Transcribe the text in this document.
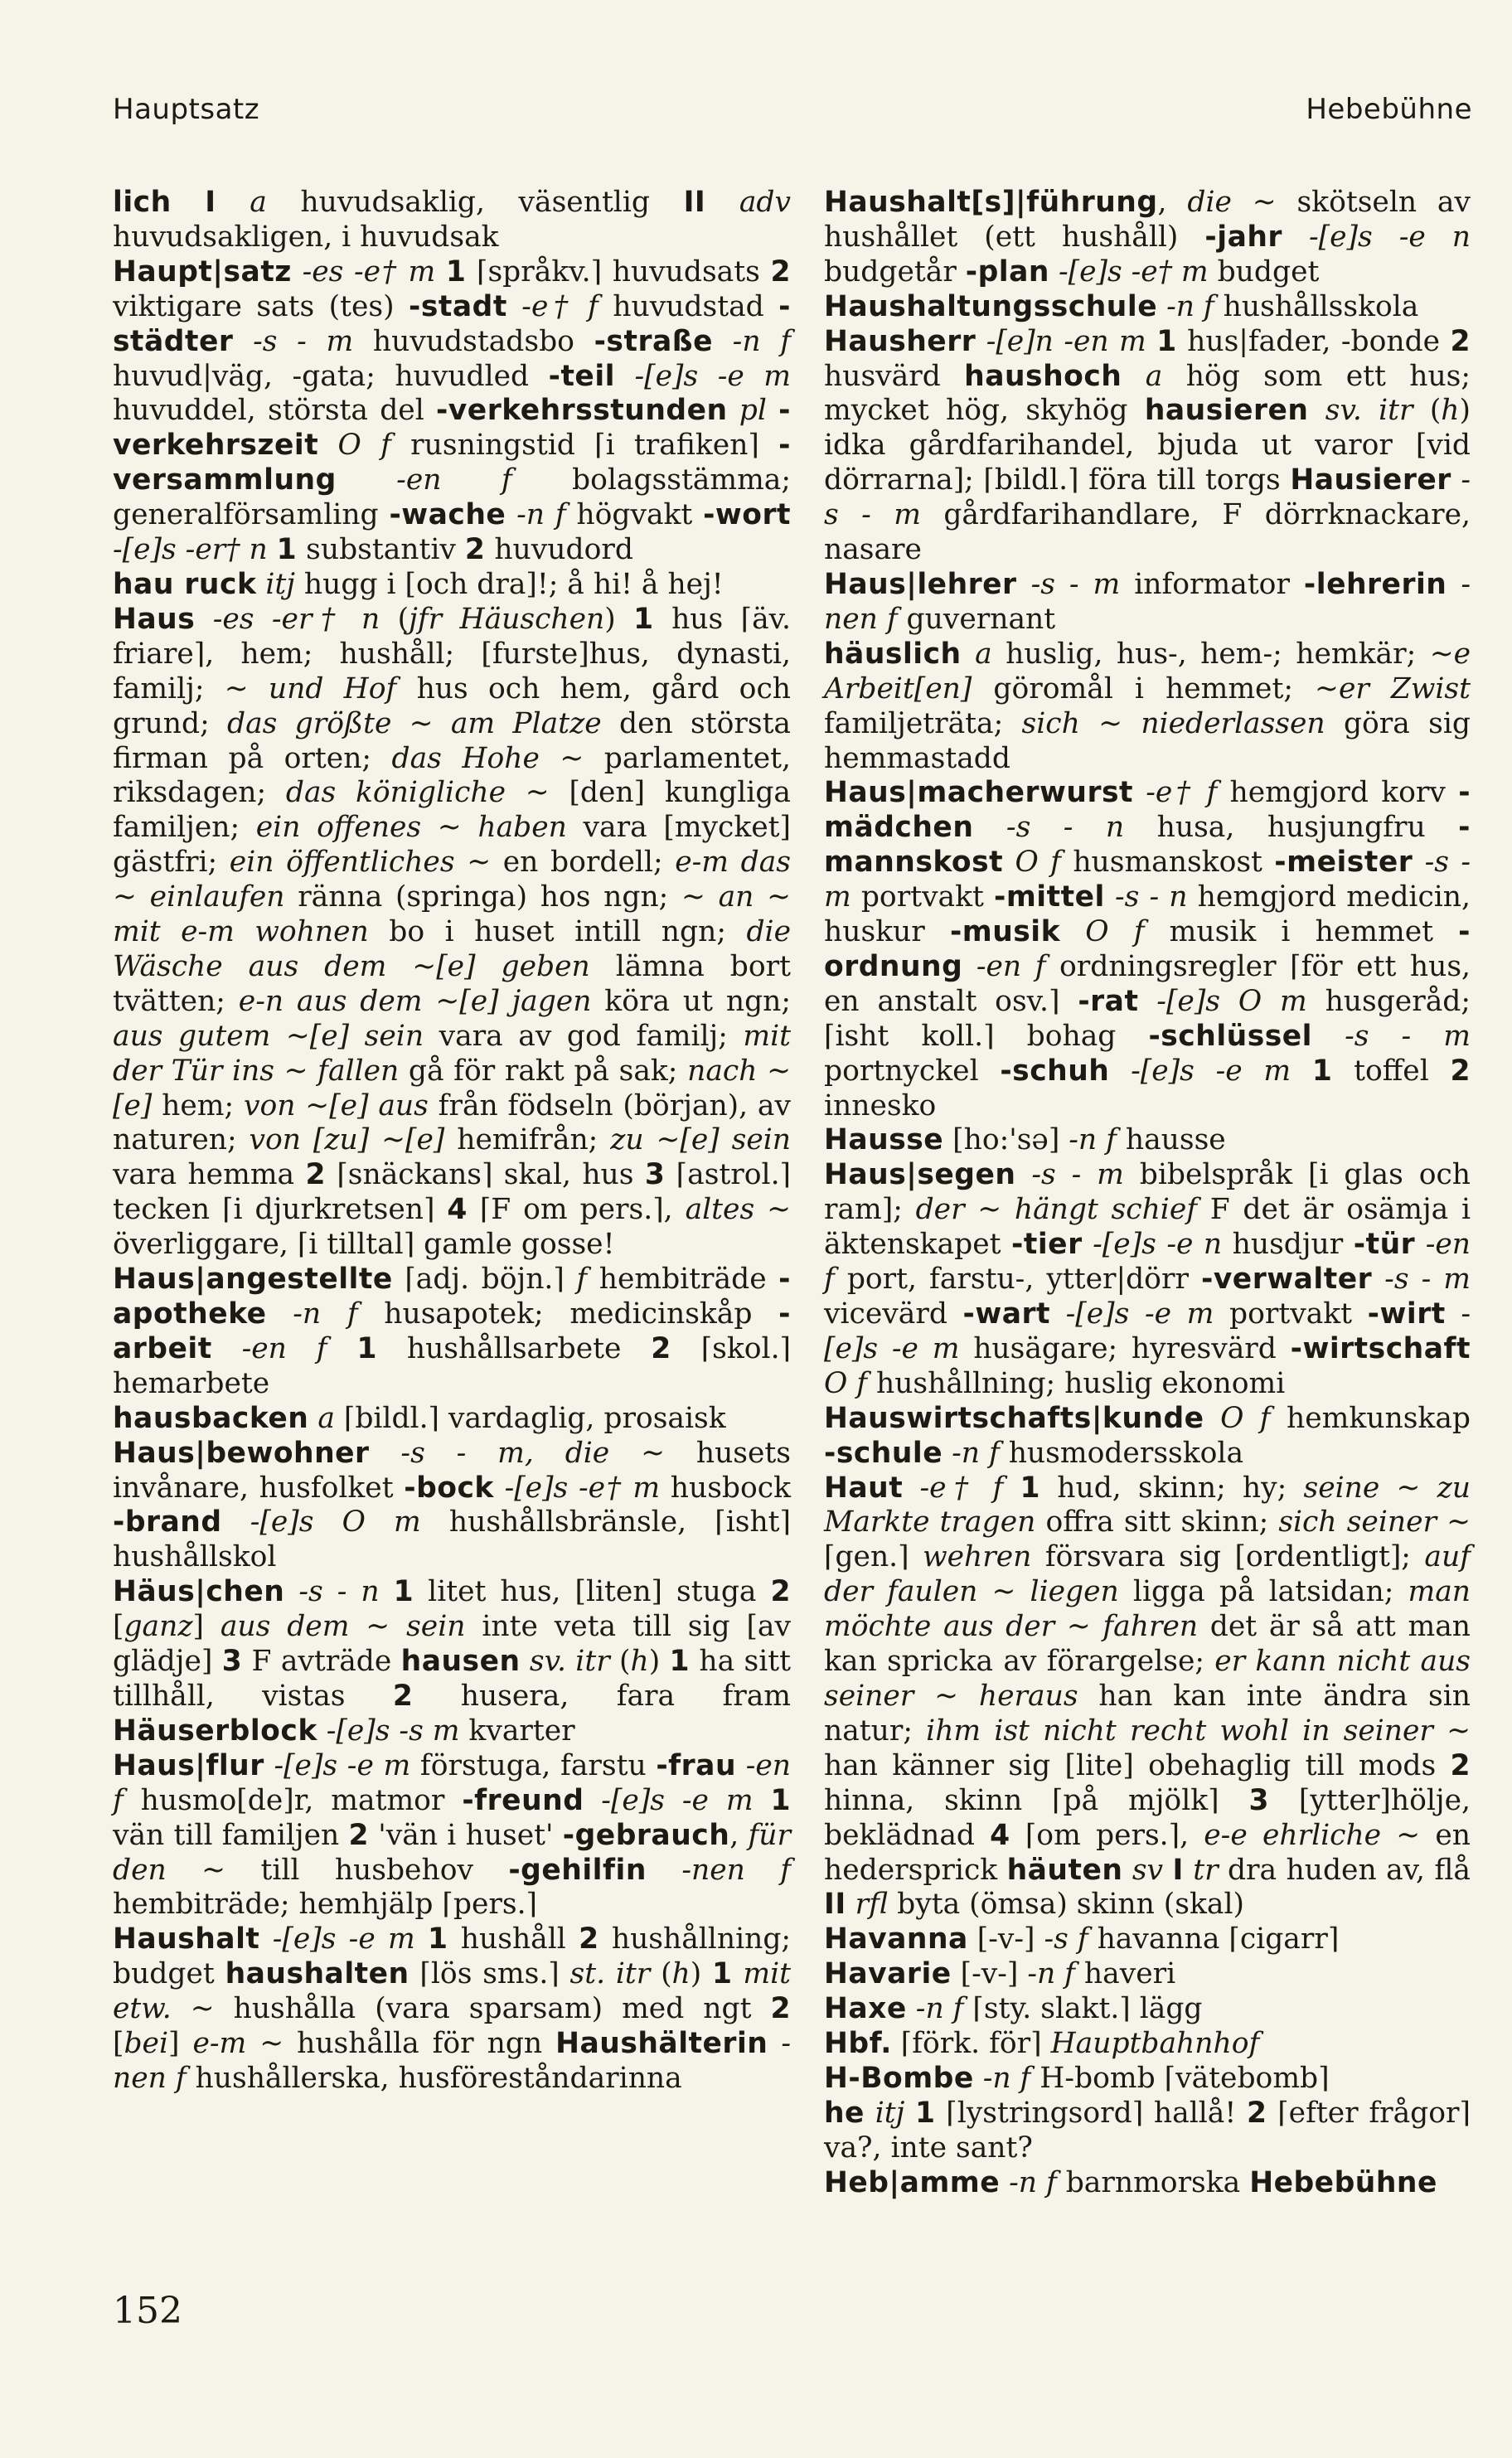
Hauptsatz	Hebebühne

lich I a huvudsaklig, väsentlig II adv huvudsakligen, i huvudsak

Haupt|satz -es -e† m 1 ⌈språkv.⌉ huvudsats 2 viktigare sats (tes) -stadt -e† f huvudstad -städter -s - m huvudstadsbo -straße -n f huvud|väg, -gata; huvudled -teil -[e]s -e m huvuddel, största del -verkehrsstunden pl -verkehrszeit O f rusningstid ⌈i trafiken⌉ -versammlung -en f bolagsstämma; generalförsamling -wache -n f högvakt -wort -[e]s -er† n 1 substantiv 2 huvudord

hau ruck itj hugg i [och dra]!; å hi! å hej!

Haus -es -er† n (jfr Häuschen) 1 hus ⌈äv. friare⌉, hem; hushåll; [furste]hus, dynasti, familj; ~ und Hof hus och hem, gård och grund; das größte ~ am Platze den största firman på orten; das Hohe ~ parlamentet, riksdagen; das königliche ~ [den] kungliga familjen; ein offenes ~ haben vara [mycket] gästfri; ein öffentliches ~ en bordell; e-m das ~ einlaufen ränna (springa) hos ngn; ~ an ~ mit e-m wohnen bo i huset intill ngn; die Wäsche aus dem ~[e] geben lämna bort tvätten; e-n aus dem ~[e] jagen köra ut ngn; aus gutem ~[e] sein vara av god familj; mit der Tür ins ~ fallen gå för rakt på sak; nach ~[e] hem; von ~[e] aus från födseln (början), av naturen; von [zu] ~[e] hemifrån; zu ~[e] sein vara hemma 2 ⌈snäckans⌉ skal, hus 3 ⌈astrol.⌉ tecken ⌈i djurkretsen⌉ 4 ⌈F om pers.⌉, altes ~ överliggare, ⌈i tilltal⌉ gamle gosse!

Haus|angestellte ⌈adj. böjn.⌉ f hembiträde -apotheke -n f husapotek; medicinskåp -arbeit -en f 1 hushållsarbete 2 ⌈skol.⌉ hemarbete

hausbacken a ⌈bildl.⌉ vardaglig, prosaisk

Haus|bewohner -s - m, die ~ husets invånare, husfolket -bock -[e]s -e† m husbock -brand -[e]s O m hushållsbränsle, ⌈isht⌉ hushållskol

Häus|chen -s - n 1 litet hus, [liten] stuga 2 [ganz] aus dem ~ sein inte veta till sig [av glädje] 3 F avträde hausen sv. itr (h) 1 ha sitt tillhåll, vistas 2 husera, fara fram Häuserblock -[e]s -s m kvarter

Haus|flur -[e]s -e m förstuga, farstu -frau -en f husmo[de]r, matmor -freund -[e]s -e m 1 vän till familjen 2 'vän i huset' -gebrauch, für den ~ till husbehov -gehilfin -nen f hembiträde; hemhjälp ⌈pers.⌉

Haushalt -[e]s -e m 1 hushåll 2 hushållning; budget haushalten ⌈lös sms.⌉ st. itr (h) 1 mit etw. ~ hushålla (vara sparsam) med ngt 2 [bei] e-m ~ hushålla för ngn Haushälterin -nen f hushållerska, husföreståndarinna

Haushalt[s]|führung, die ~ skötseln av hushållet (ett hushåll) -jahr -[e]s -e n budgetår -plan -[e]s -e† m budget

Haushaltungsschule -n f hushållsskola

Hausherr -[e]n -en m 1 hus|fader, -bonde 2 husvärd haushoch a hög som ett hus; mycket hög, skyhög hausieren sv. itr (h) idka gårdfarihandel, bjuda ut varor [vid dörrarna]; ⌈bildl.⌉ föra till torgs Hausierer -s - m gårdfarihandlare, F dörrknackare, nasare

Haus|lehrer -s - m informator -lehrerin -nen f guvernant

häuslich a huslig, hus-, hem-; hemkär; ~e Arbeit[en] göromål i hemmet; ~er Zwist familjeträta; sich ~ niederlassen göra sig hemmastadd

Haus|macherwurst -e† f hemgjord korv -mädchen -s - n husa, husjungfru -mannskost O f husmanskost -meister -s - m portvakt -mittel -s - n hemgjord medicin, huskur -musik O f musik i hemmet -ordnung -en f ordningsregler ⌈för ett hus, en anstalt osv.⌉ -rat -[e]s O m husgeråd; ⌈isht koll.⌉ bohag -schlüssel -s - m portnyckel -schuh -[e]s -e m 1 toffel 2 innesko

Hausse [ho:'sə] -n f hausse

Haus|segen -s - m bibelspråk [i glas och ram]; der ~ hängt schief F det är osämja i äktenskapet -tier -[e]s -e n husdjur -tür -en f port, farstu-, ytter|dörr -verwalter -s - m vicevärd -wart -[e]s -e m portvakt -wirt -[e]s -e m husägare; hyresvärd -wirtschaft O f hushållning; huslig ekonomi

Hauswirtschafts|kunde O f hemkunskap -schule -n f husmodersskola

Haut -e† f 1 hud, skinn; hy; seine ~ zu Markte tragen offra sitt skinn; sich seiner ~ ⌈gen.⌉ wehren försvara sig [ordentligt]; auf der faulen ~ liegen ligga på latsidan; man möchte aus der ~ fahren det är så att man kan spricka av förargelse; er kann nicht aus seiner ~ heraus han kan inte ändra sin natur; ihm ist nicht recht wohl in seiner ~ han känner sig [lite] obehaglig till mods 2 hinna, skinn ⌈på mjölk⌉ 3 [ytter]hölje, beklädnad 4 ⌈om pers.⌉, e-e ehrliche ~ en hedersprick häuten sv I tr dra huden av, flå II rfl byta (ömsa) skinn (skal)

Havanna [-v-] -s f havanna ⌈cigarr⌉

Havarie [-v-] -n f haveri

Haxe -n f ⌈sty. slakt.⌉ lägg

Hbf. ⌈förk. för⌉ Hauptbahnhof

H-Bombe -n f H-bomb ⌈vätebomb⌉

he itj 1 ⌈lystringsord⌉ hallå! 2 ⌈efter frågor⌉ va?, inte sant?

Heb|amme -n f barnmorska Hebebühne

152
